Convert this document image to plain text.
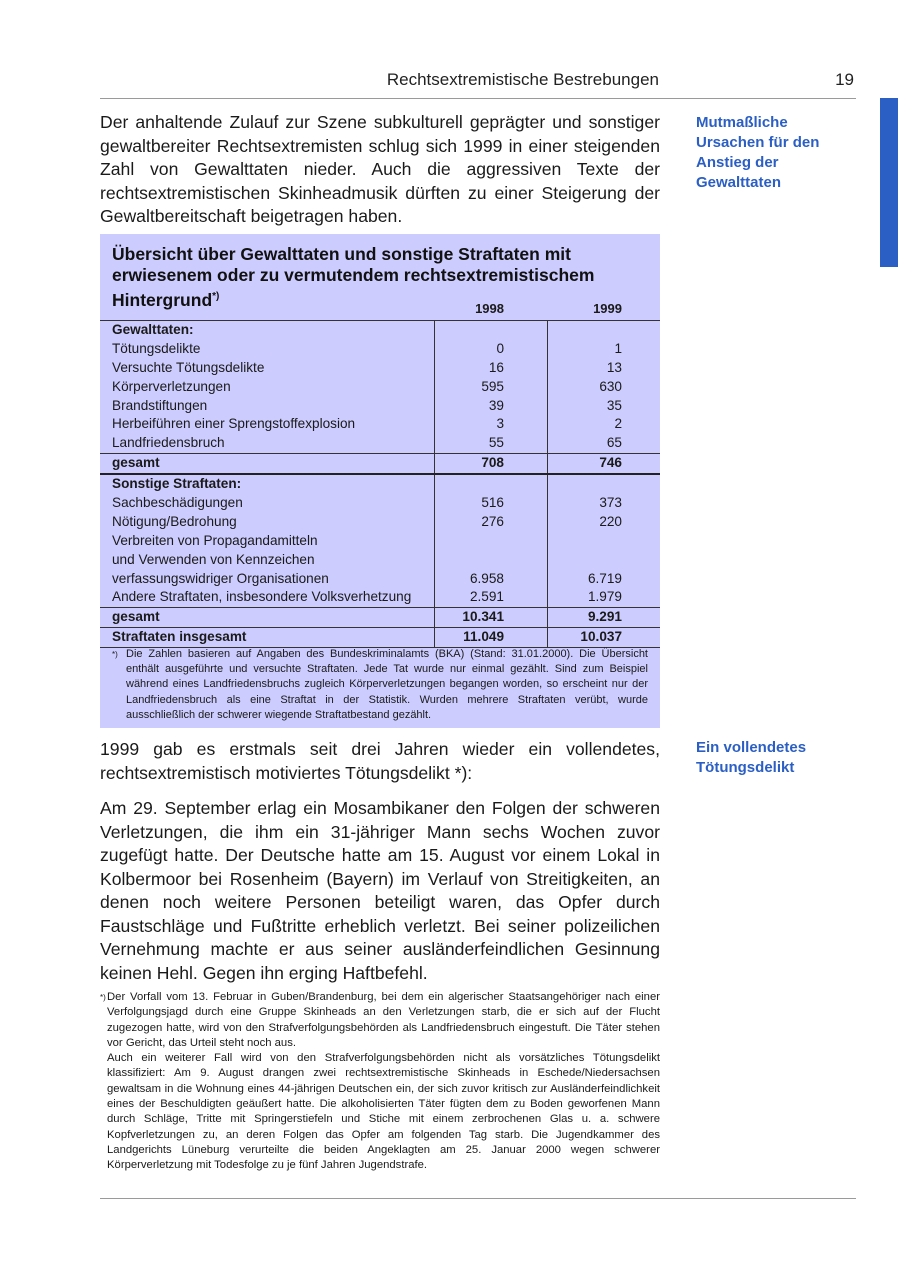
Rechtsextremistische Bestrebungen	19

Der anhaltende Zulauf zur Szene subkulturell geprägter und sonstiger gewaltbereiter Rechtsextremisten schlug sich 1999 in einer steigenden Zahl von Gewalttaten nieder. Auch die aggressiven Texte der rechtsextremistischen Skinheadmusik dürften zu einer Steigerung der Gewaltbereitschaft beigetragen haben.

Mutmaßliche Ursachen für den Anstieg der Gewalttaten
Übersicht über Gewalttaten und sonstige Straftaten mit erwiesenem oder zu vermutendem rechtsextremistischem Hintergrund*)
1998	1999
Gewalttaten:
Tötungsdelikte	0	1
Versuchte Tötungsdelikte	16	13
Körperverletzungen	595	630
Brandstiftungen	39	35
Herbeiführen einer Sprengstoffexplosion	3	2
Landfriedensbruch	55	65
gesamt	708	746
Sonstige Straftaten:
Sachbeschädigungen	516	373
Nötigung/Bedrohung	276	220
Verbreiten von Propagandamitteln
und Verwenden von Kennzeichen
verfassungswidriger Organisationen	6.958	6.719
Andere Straftaten, insbesondere Volksverhetzung	2.591	1.979
gesamt	10.341	9.291
Straftaten insgesamt	11.049	10.037
*) Die Zahlen basieren auf Angaben des Bundeskriminalamts (BKA) (Stand: 31.01.2000). Die Übersicht enthält ausgeführte und versuchte Straftaten. Jede Tat wurde nur einmal gezählt. Sind zum Beispiel während eines Landfriedensbruchs zugleich Körperverletzungen begangen worden, so erscheint nur der Landfriedensbruch als eine Straftat in der Statistik. Wurden mehrere Straftaten verübt, wurde ausschließlich der schwerer wiegende Straftatbestand gezählt.

1999 gab es erstmals seit drei Jahren wieder ein vollendetes, rechtsextremistisch motiviertes Tötungsdelikt *):

Ein vollendetes Tötungsdelikt

Am 29. September erlag ein Mosambikaner den Folgen der schweren Verletzungen, die ihm ein 31-jähriger Mann sechs Wochen zuvor zugefügt hatte. Der Deutsche hatte am 15. August vor einem Lokal in Kolbermoor bei Rosenheim (Bayern) im Verlauf von Streitigkeiten, an denen noch weitere Personen beteiligt waren, das Opfer durch Faustschläge und Fußtritte erheblich verletzt. Bei seiner polizeilichen Vernehmung machte er aus seiner ausländerfeindlichen Gesinnung keinen Hehl. Gegen ihn erging Haftbefehl.

*) Der Vorfall vom 13. Februar in Guben/Brandenburg, bei dem ein algerischer Staatsangehöriger nach einer Verfolgungsjagd durch eine Gruppe Skinheads an den Verletzungen starb, die er sich auf der Flucht zugezogen hatte, wird von den Strafverfolgungsbehörden als Landfriedensbruch eingestuft. Die Täter stehen vor Gericht, das Urteil steht noch aus.

Auch ein weiterer Fall wird von den Strafverfolgungsbehörden nicht als vorsätzliches Tötungsdelikt klassifiziert: Am 9. August drangen zwei rechtsextremistische Skinheads in Eschede/Niedersachsen gewaltsam in die Wohnung eines 44-jährigen Deutschen ein, der sich zuvor kritisch zur Ausländerfeindlichkeit eines der Beschuldigten geäußert hatte. Die alkoholisierten Täter fügten dem zu Boden geworfenen Mann durch Schläge, Tritte mit Springerstiefeln und Stiche mit einem zerbrochenen Glas u. a. schwere Kopfverletzungen zu, an deren Folgen das Opfer am folgenden Tag starb. Die Jugendkammer des Landgerichts Lüneburg verurteilte die beiden Angeklagten am 25. Januar 2000 wegen schwerer Körperverletzung mit Todesfolge zu je fünf Jahren Jugendstrafe.
